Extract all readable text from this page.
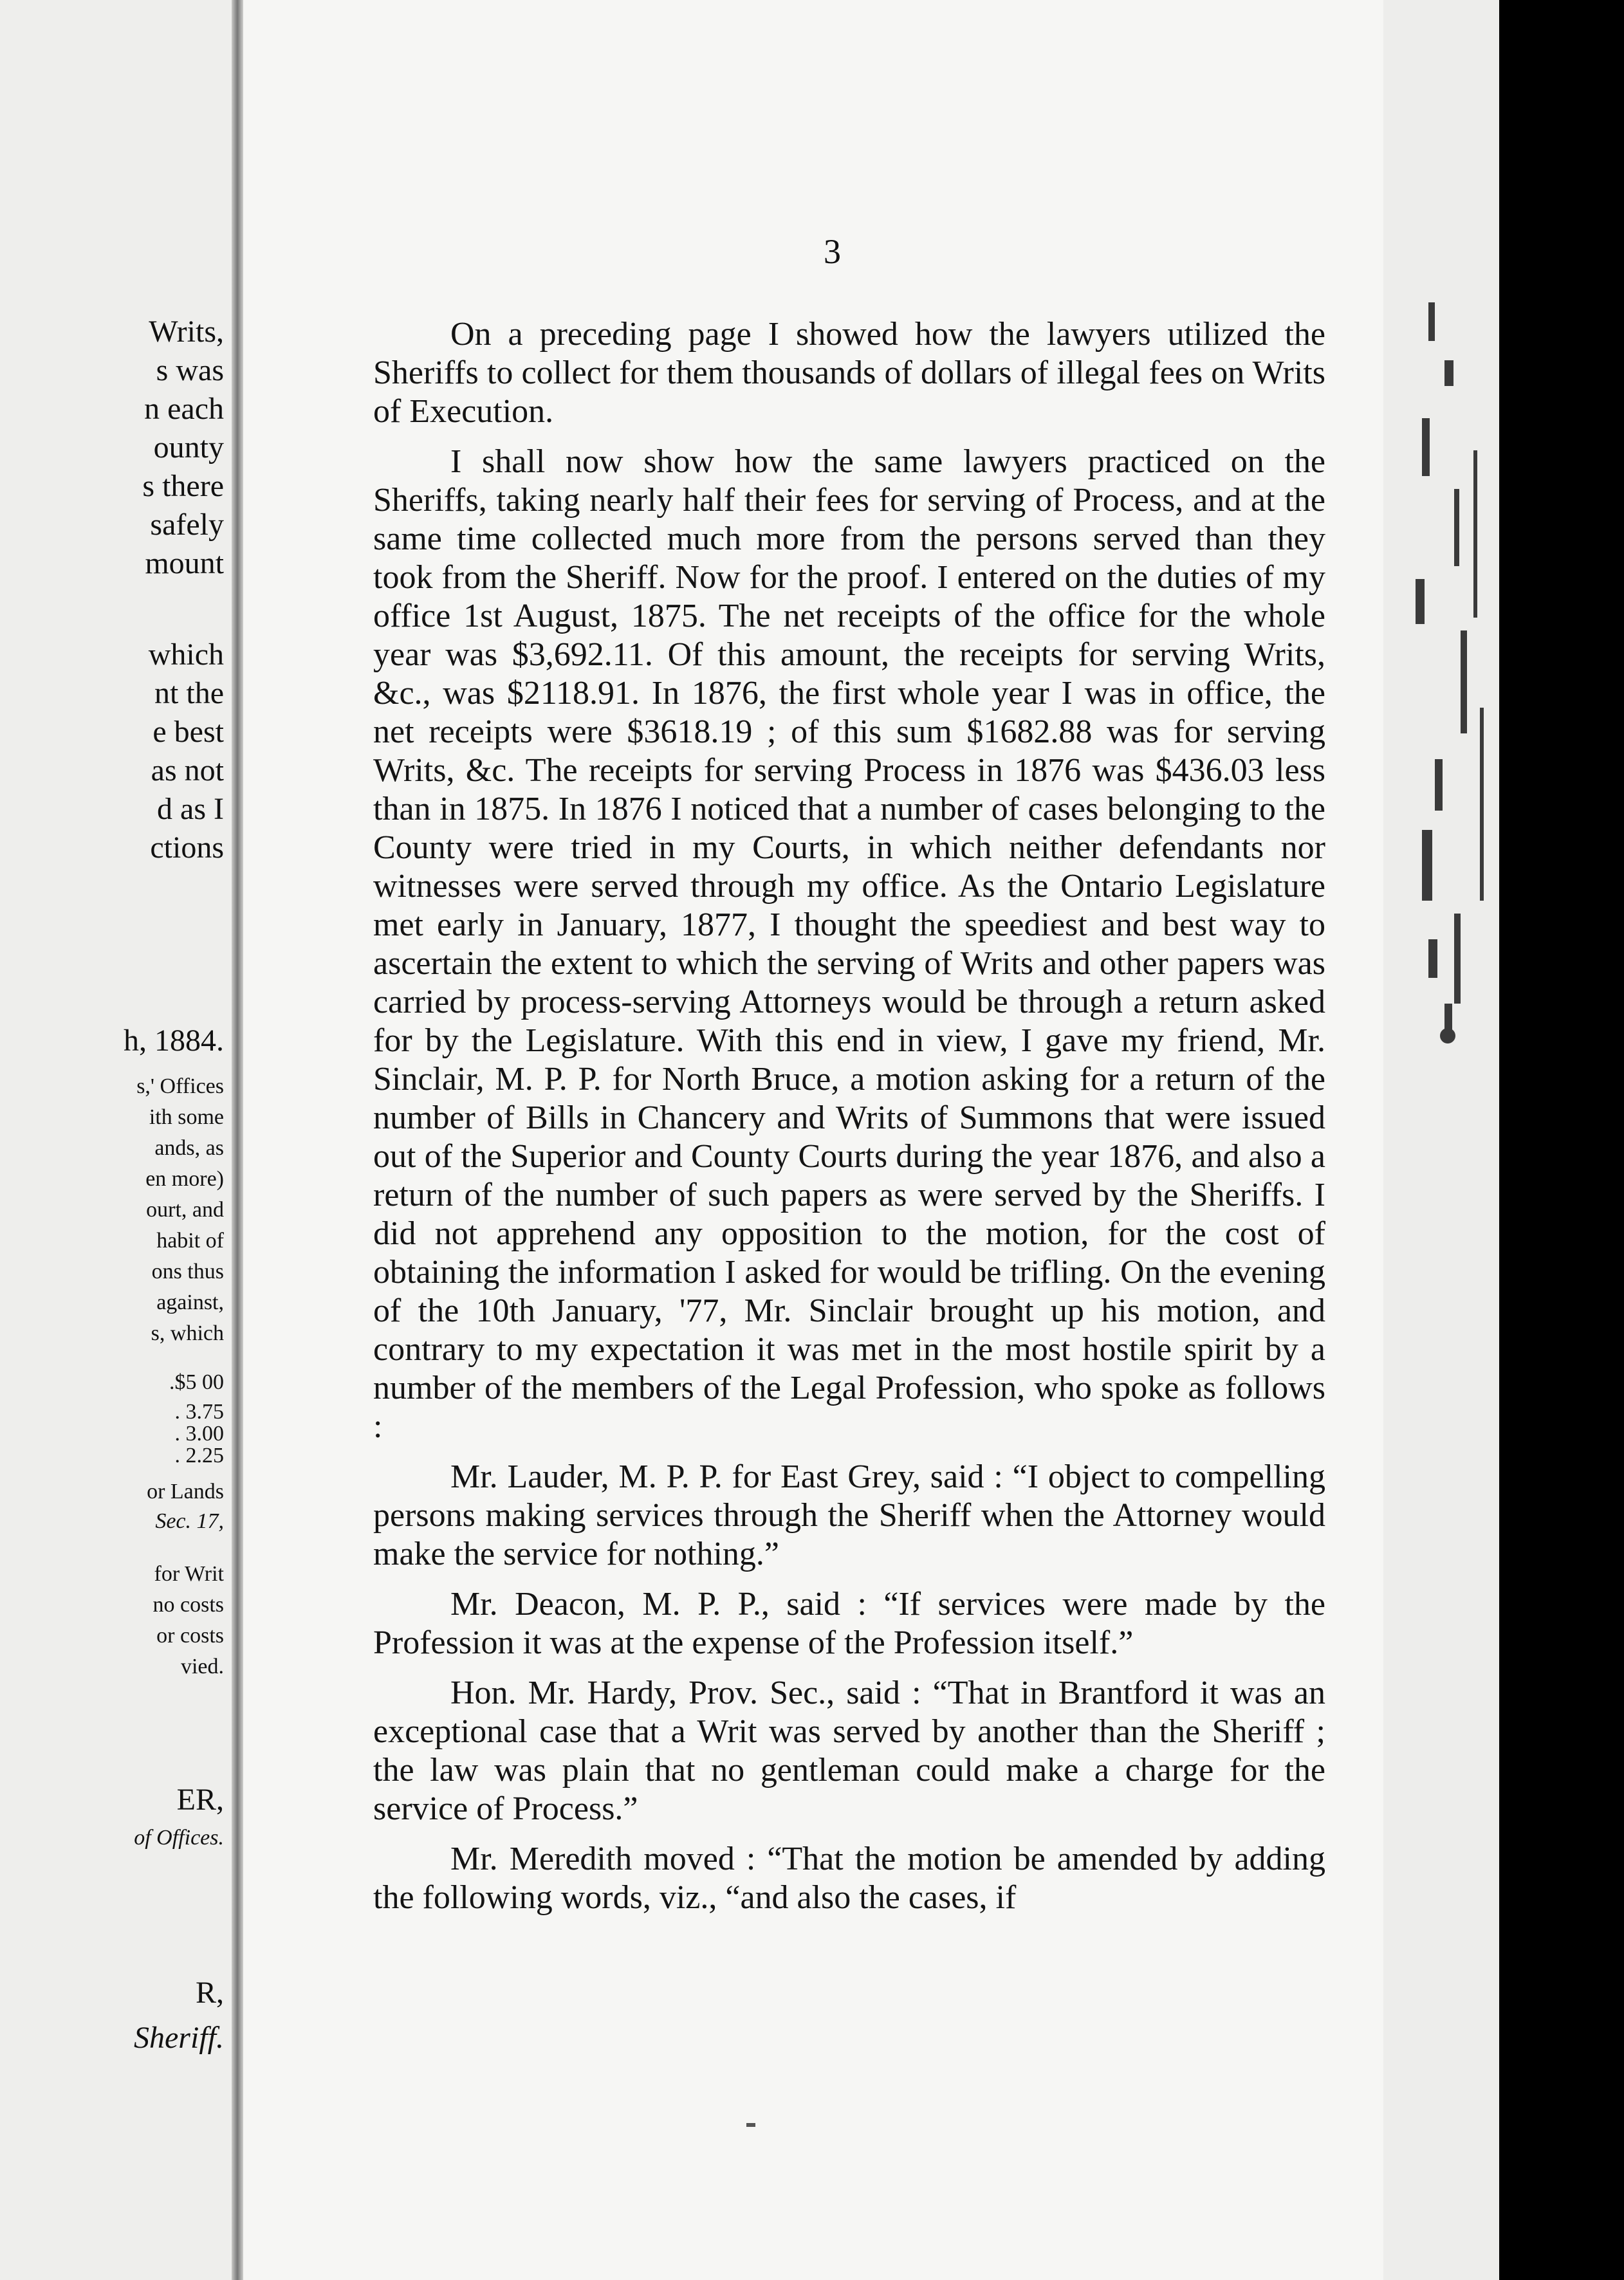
Writs,
s was
n each
ounty
s there
safely
mount
which
nt the
e best
as not
d as I
ctions
h, 1884.
s,' Offices
ith some
ands, as
en more)
ourt, and
habit of
ons thus
against,
s, which
.$5 00
. 3.75
. 3.00
. 2.25
or Lands
Sec. 17,
for Writ
no costs
or costs
vied.
ER,
of Offices.
R,
Sheriff.
3

On a preceding page I showed how the lawyers utilized the Sheriffs to collect for them thousands of dollars of illegal fees on Writs of Execution.

I shall now show how the same lawyers practiced on the Sheriffs, taking nearly half their fees for serving of Process, and at the same time collected much more from the persons served than they took from the Sheriff. Now for the proof. I entered on the duties of my office 1st August, 1875. The net receipts of the office for the whole year was $3,692.11. Of this amount, the receipts for serving Writs, &c., was $2118.91. In 1876, the first whole year I was in office, the net receipts were $3618.19 ; of this sum $1682.88 was for serving Writs, &c. The receipts for serving Process in 1876 was $436.03 less than in 1875. In 1876 I noticed that a number of cases belonging to the County were tried in my Courts, in which neither defendants nor witnesses were served through my office. As the Ontario Legislature met early in January, 1877, I thought the speediest and best way to ascertain the extent to which the serving of Writs and other papers was carried by process-serving Attorneys would be through a return asked for by the Legislature. With this end in view, I gave my friend, Mr. Sinclair, M. P. P. for North Bruce, a motion asking for a return of the number of Bills in Chancery and Writs of Summons that were issued out of the Superior and County Courts during the year 1876, and also a return of the number of such papers as were served by the Sheriffs. I did not apprehend any opposition to the motion, for the cost of obtaining the information I asked for would be trifling. On the evening of the 10th January, '77, Mr. Sinclair brought up his motion, and contrary to my expectation it was met in the most hostile spirit by a number of the members of the Legal Profession, who spoke as follows :

Mr. Lauder, M. P. P. for East Grey, said : “I object to compelling persons making services through the Sheriff when the Attorney would make the service for nothing.”

Mr. Deacon, M. P. P., said : “If services were made by the Profession it was at the expense of the Profession itself.”

Hon. Mr. Hardy, Prov. Sec., said : “That in Brantford it was an exceptional case that a Writ was served by another than the Sheriff ; the law was plain that no gentleman could make a charge for the service of Process.”

Mr. Meredith moved : “That the motion be amended by adding the following words, viz., “and also the cases, if
